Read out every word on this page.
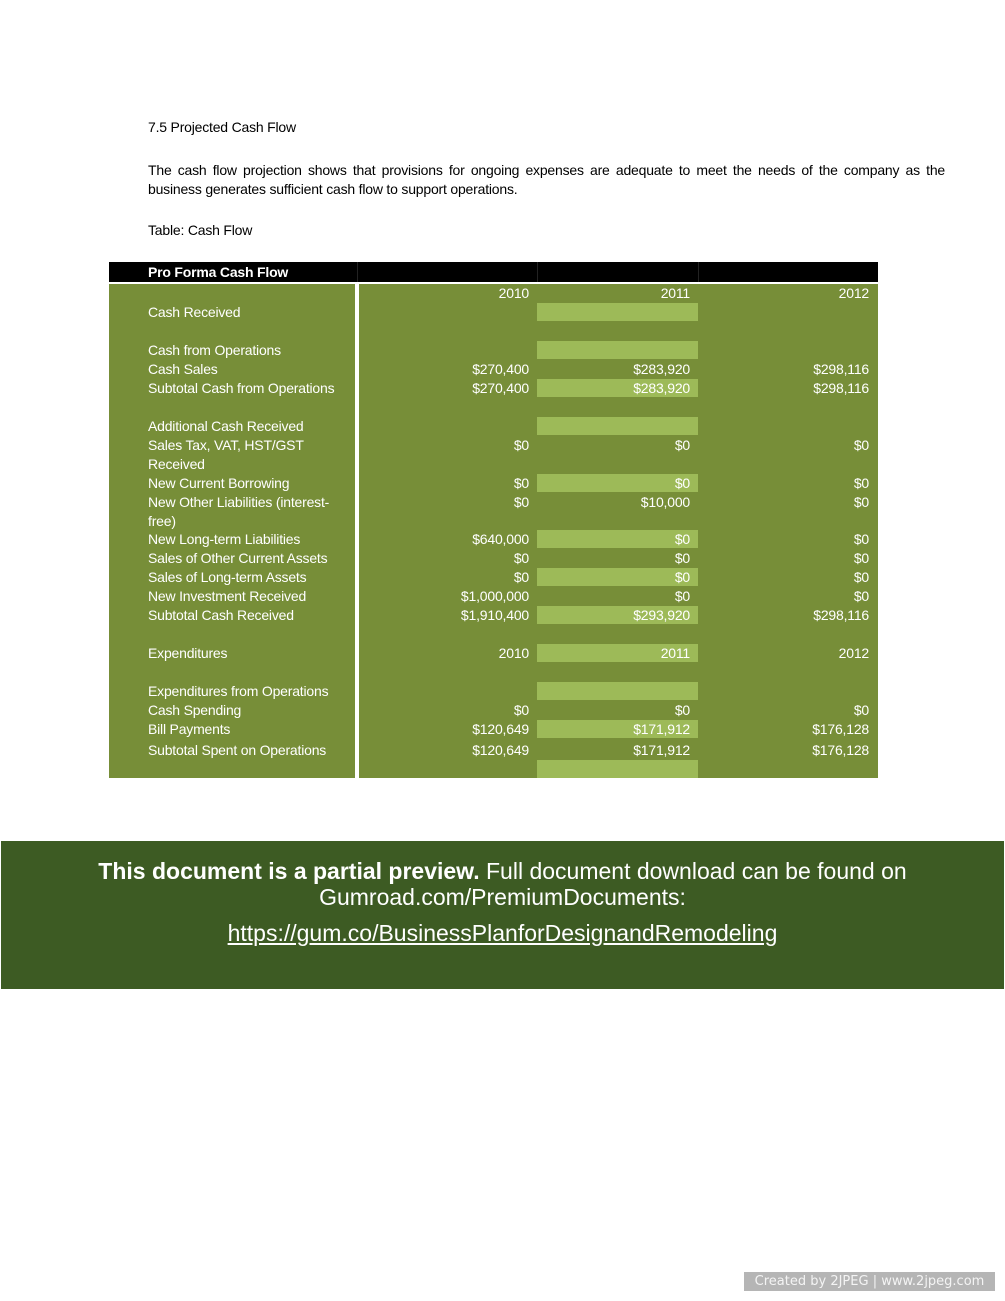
7.5 Projected Cash Flow
The cash flow projection shows that provisions for ongoing expenses are adequate to meet the needs of the company as the business generates sufficient cash flow to support operations.
Table: Cash Flow
Pro Forma Cash Flow
2010	2011	2012
Cash Received
Cash from Operations
Cash Sales	$270,400	$283,920	$298,116
Subtotal Cash from Operations	$270,400	$283,920	$298,116
Additional Cash Received
Sales Tax, VAT, HST/GST Received
$0	$0	$0
New Current Borrowing	$0	$0	$0
New Other Liabilities (interest-free)
$0	$10,000	$0
New Long-term Liabilities	$640,000	$0	$0
Sales of Other Current Assets	$0	$0	$0
Sales of Long-term Assets	$0	$0	$0
New Investment Received	$1,000,000	$0	$0
Subtotal Cash Received	$1,910,400	$293,920	$298,116
Expenditures	2010	2011	2012
Expenditures from Operations
Cash Spending	$0	$0	$0
Bill Payments	$120,649	$171,912	$176,128
Subtotal Spent on Operations	$120,649	$171,912	$176,128
This document is a partial preview. Full document download can be found on
Gumroad.com/PremiumDocuments:
https://gum.co/BusinessPlanforDesignandRemodeling
Created by 2JPEG | www.2jpeg.com
